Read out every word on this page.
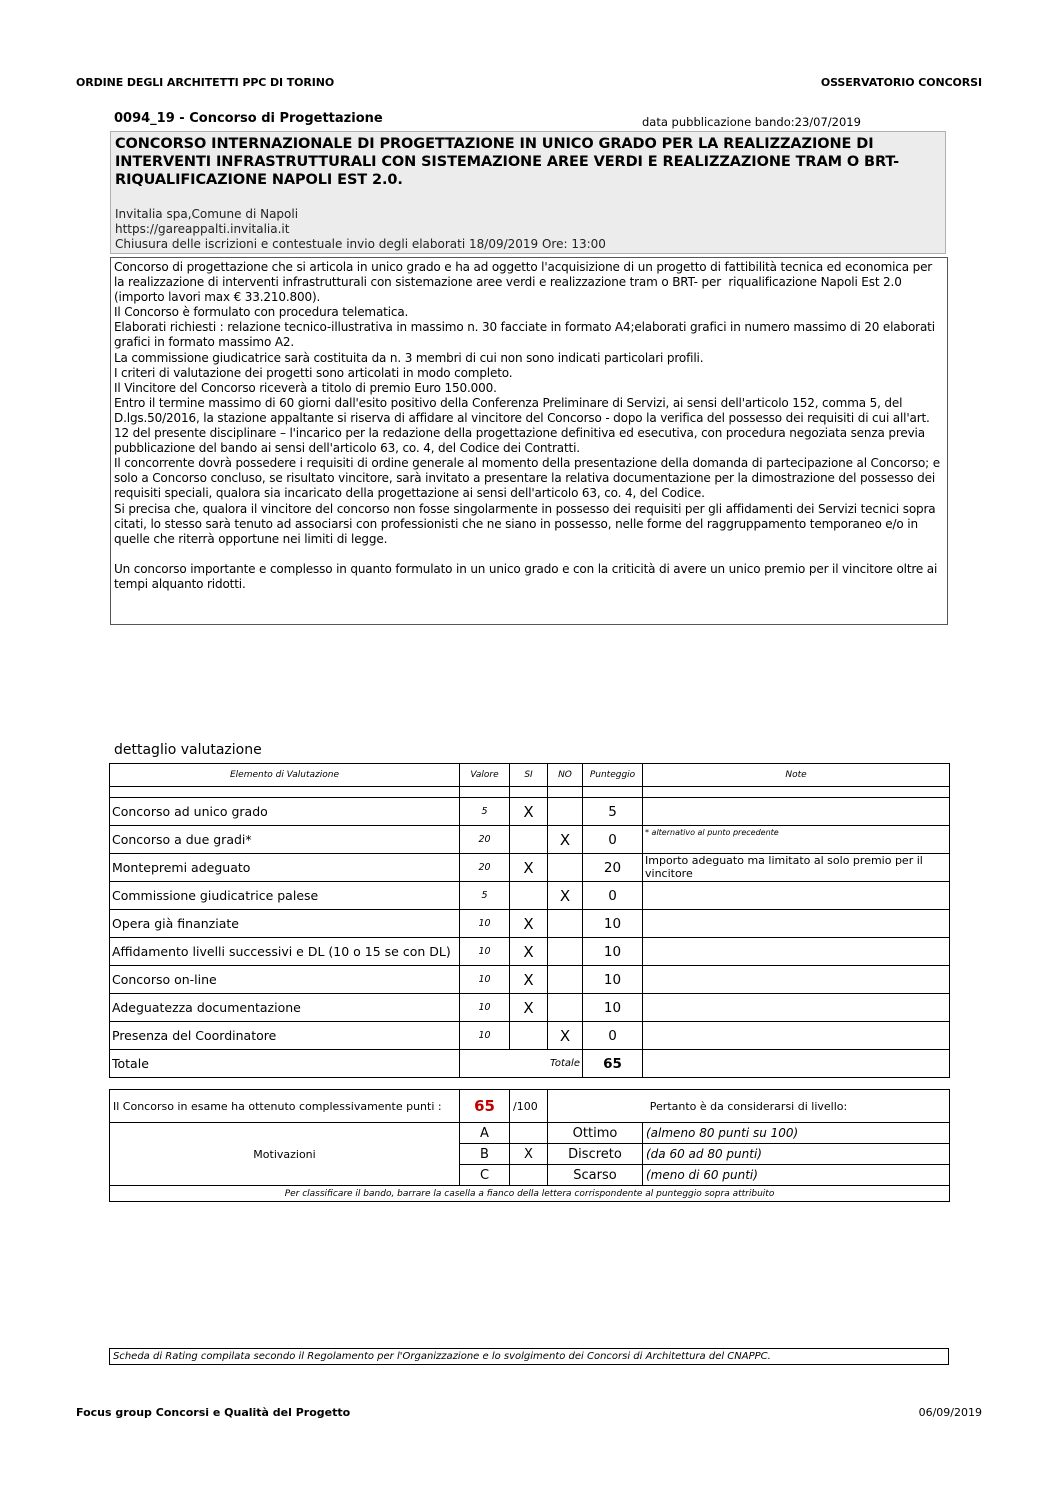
ORDINE DEGLI ARCHITETTI PPC DI TORINO	OSSERVATORIO CONCORSI
0094_19 - Concorso di Progettazione	data pubblicazione bando:23/07/2019
CONCORSO INTERNAZIONALE DI PROGETTAZIONE IN UNICO GRADO PER LA REALIZZAZIONE DI INTERVENTI INFRASTRUTTURALI CON SISTEMAZIONE AREE VERDI E REALIZZAZIONE TRAM O BRT- RIQUALIFICAZIONE NAPOLI EST 2.0.
Invitalia spa,Comune di Napoli
https://gareappalti.invitalia.it
Chiusura delle iscrizioni e contestuale invio degli elaborati 18/09/2019 Ore: 13:00
Concorso di progettazione che si articola in unico grado e ha ad oggetto l'acquisizione di un progetto di fattibilità tecnica ed economica per la realizzazione di interventi infrastrutturali con sistemazione aree verdi e realizzazione tram o BRT- per  riqualificazione Napoli Est 2.0 (importo lavori max € 33.210.800).
Il Concorso è formulato con procedura telematica.
Elaborati richiesti : relazione tecnico-illustrativa in massimo n. 30 facciate in formato A4;elaborati grafici in numero massimo di 20 elaborati grafici in formato massimo A2.
La commissione giudicatrice sarà costituita da n. 3 membri di cui non sono indicati particolari profili.
I criteri di valutazione dei progetti sono articolati in modo completo.
Il Vincitore del Concorso riceverà a titolo di premio Euro 150.000.
Entro il termine massimo di 60 giorni dall'esito positivo della Conferenza Preliminare di Servizi, ai sensi dell'articolo 152, comma 5, del D.lgs.50/2016, la stazione appaltante si riserva di affidare al vincitore del Concorso - dopo la verifica del possesso dei requisiti di cui all'art. 12 del presente disciplinare – l'incarico per la redazione della progettazione definitiva ed esecutiva, con procedura negoziata senza previa pubblicazione del bando ai sensi dell'articolo 63, co. 4, del Codice dei Contratti.
Il concorrente dovrà possedere i requisiti di ordine generale al momento della presentazione della domanda di partecipazione al Concorso; e solo a Concorso concluso, se risultato vincitore, sarà invitato a presentare la relativa documentazione per la dimostrazione del possesso dei requisiti speciali, qualora sia incaricato della progettazione ai sensi dell'articolo 63, co. 4, del Codice.
Si precisa che, qualora il vincitore del concorso non fosse singolarmente in possesso dei requisiti per gli affidamenti dei Servizi tecnici sopra citati, lo stesso sarà tenuto ad associarsi con professionisti che ne siano in possesso, nelle forme del raggruppamento temporaneo e/o in quelle che riterrà opportune nei limiti di legge.
Un concorso importante e complesso in quanto formulato in un unico grado e con la criticità di avere un unico premio per il vincitore oltre ai tempi alquanto ridotti.
dettaglio valutazione
Elemento di Valutazione	Valore	SI	NO	Punteggio	Note

Concorso ad unico grado	5	X		5	
Concorso a due gradi*	20		X	0	* alternativo al punto precedente
Montepremi adeguato	20	X		20	Importo adeguato ma limitato al solo premio per il vincitore
Commissione giudicatrice palese	5		X	0	
Opera già finanziate	10	X		10	
Affidamento livelli successivi e DL (10 o 15 se con DL)	10	X		10	
Concorso on-line	10	X		10	
Adeguatezza documentazione	10	X		10	
Presenza del Coordinatore	10		X	0	
Totale	Totale			65	
Il Concorso in esame ha ottenuto complessivamente punti :	65	/100	Pertanto è da considerarsi di livello:	
Motivazioni	A		Ottimo	(almeno 80 punti su 100)
	B	X	Discreto	(da 60 ad 80 punti)
	C		Scarso	(meno di 60 punti)
Per classificare il bando, barrare la casella a fianco della lettera corrispondente al punteggio sopra attribuito				
Scheda di Rating compilata secondo il Regolamento per l'Organizzazione e lo svolgimento dei Concorsi di Architettura del CNAPPC.
Focus group Concorsi e Qualità del Progetto	06/09/2019
